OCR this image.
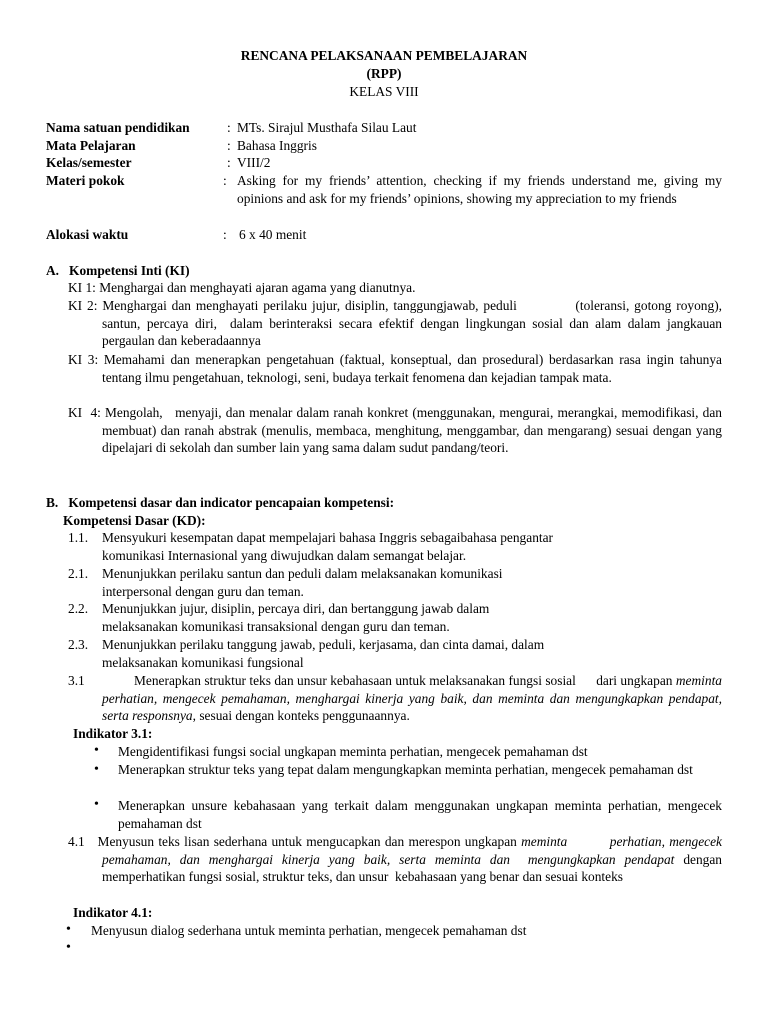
RENCANA PELAKSANAAN PEMBELAJARAN
(RPP)
KELAS VIII
Nama satuan pendidikan	: MTs. Sirajul Musthafa Silau Laut
Mata Pelajaran	: Bahasa Inggris
Kelas/semester	: VIII/2
Materi pokok	: Asking for my friends’ attention, checking if my friends understand me, giving my opinions and ask for my friends’ opinions, showing my appreciation to my friends
Alokasi waktu	: 6 x 40 menit
A.   Kompetensi Inti (KI)
KI 1: Menghargai dan menghayati ajaran agama yang dianutnya.
KI 2: Menghargai dan menghayati perilaku jujur, disiplin, tanggungjawab, peduli            (toleransi, gotong royong), santun, percaya diri,  dalam berinteraksi secara efektif dengan lingkungan sosial dan alam dalam jangkauan pergaulan dan keberadaannya
KI 3: Memahami dan menerapkan pengetahuan (faktual, konseptual, dan prosedural) berdasarkan rasa ingin tahunya tentang ilmu pengetahuan, teknologi, seni, budaya terkait fenomena dan kejadian tampak mata.
KI  4: Mengolah,   menyaji, dan menalar dalam ranah konkret (menggunakan, mengurai, merangkai, memodifikasi, dan membuat) dan ranah abstrak (menulis, membaca, menghitung, menggambar, dan mengarang) sesuai dengan yang dipelajari di sekolah dan sumber lain yang sama dalam sudut pandang/teori.
B.   Kompetensi dasar dan indicator pencapaian kompetensi:
Kompetensi Dasar (KD):
1.1. Mensyukuri kesempatan dapat mempelajari bahasa Inggris sebagaibahasa pengantar
komunikasi Internasional yang diwujudkan dalam semangat belajar.
2.1. Menunjukkan perilaku santun dan peduli dalam melaksanakan komunikasi
interpersonal dengan guru dan teman.
2.2. Menunjukkan jujur, disiplin, percaya diri, dan bertanggung jawab dalam
melaksanakan komunikasi transaksional dengan guru dan teman.
2.3. Menunjukkan perilaku tanggung jawab, peduli, kerjasama, dan cinta damai, dalam
melaksanakan komunikasi fungsional
3.1	Menerapkan struktur teks dan unsur kebahasaan untuk melaksanakan fungsi sosial      dari ungkapan meminta perhatian, mengecek pemahaman, menghargai kinerja yang baik, dan meminta dan mengungkapkan pendapat, serta responsnya, sesuai dengan konteks penggunaannya.
Indikator 3.1:
• Mengidentifikasi fungsi social ungkapan meminta perhatian, mengecek pemahaman dst
• Menerapkan struktur teks yang tepat dalam mengungkapkan meminta perhatian, mengecek pemahaman dst
• Menerapkan unsure kebahasaan yang terkait dalam menggunakan ungkapan meminta perhatian, mengecek pemahaman dst
4.1 Menyusun teks lisan sederhana untuk mengucapkan dan merespon ungkapan meminta          perhatian, mengecek pemahaman, dan menghargai kinerja yang baik, serta meminta dan  mengungkapkan pendapat dengan memperhatikan fungsi sosial, struktur teks, dan unsur  kebahasaan yang benar dan sesuai konteks
Indikator 4.1:
• Menyusun dialog sederhana untuk meminta perhatian, mengecek pemahaman dst
•
